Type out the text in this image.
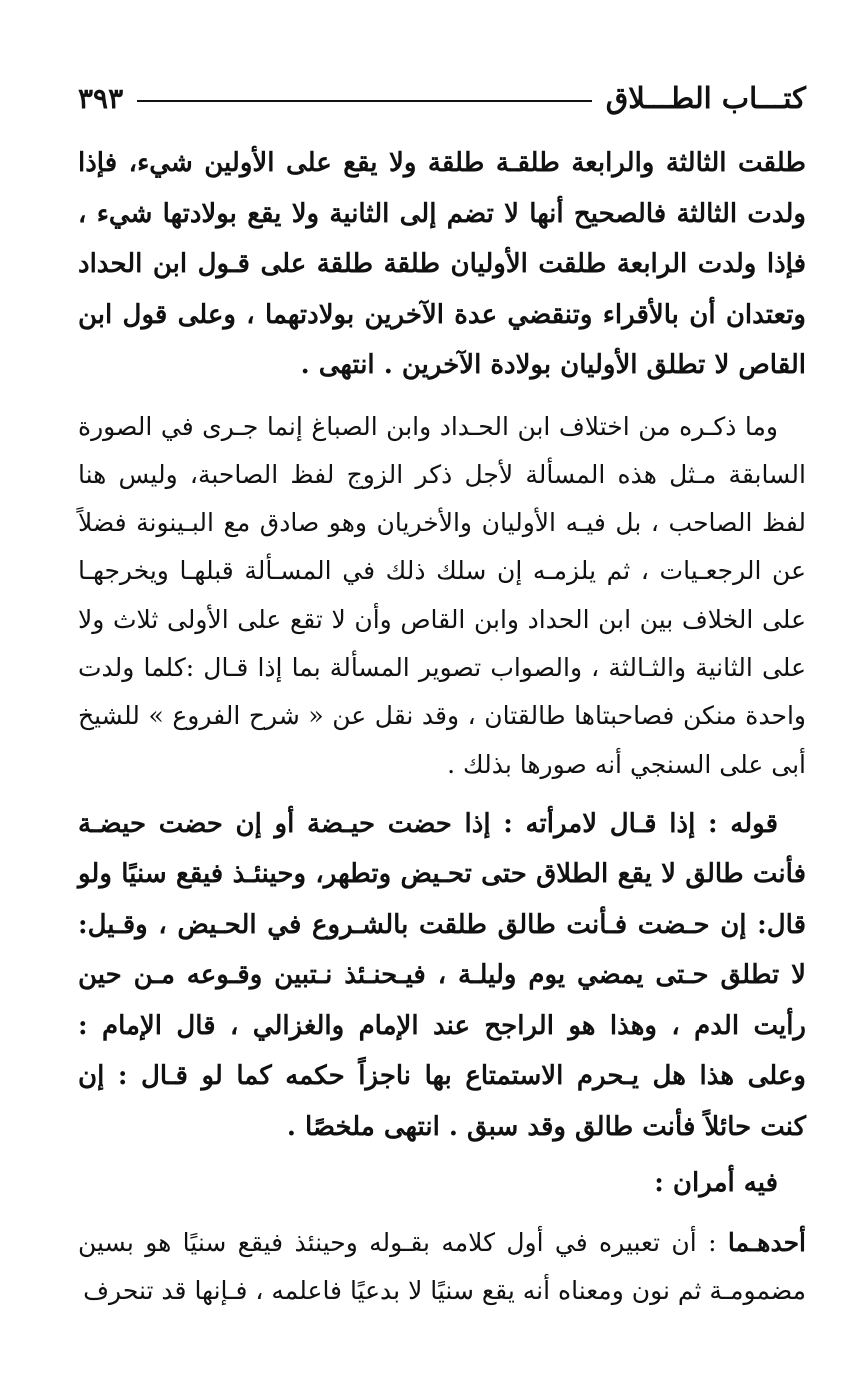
كتـــاب الطـــلاق
٣٩٣

طلقت الثالثة والرابعة طلقـة طلقة ولا يقع على الأولين شيء، فإذا ولدت الثالثة فالصحيح أنها لا تضم إلى الثانية ولا يقع بولادتها شيء ، فإذا ولدت الرابعة طلقت الأوليان طلقة طلقة على قـول ابن الحداد وتعتدان أن بالأقراء وتنقضي عدة الآخرين بولادتهما ، وعلى قول ابن القاص لا تطلق الأوليان بولادة الآخرين . انتهى .

وما ذكـره من اختلاف ابن الحـداد وابن الصباغ إنما جـرى في الصورة السابقة مـثل هذه المسألة لأجل ذكر الزوج لفظ الصاحبة، وليس هنا لفظ الصاحب ، بل فيـه الأوليان والأخريان وهو صادق مع البـينونة فضلاً عن الرجعـيات ، ثم يلزمـه إن سلك ذلك في المسـألة قبلهـا ويخرجهـا على الخلاف بين ابن الحداد وابن القاص وأن لا تقع على الأولى ثلاث ولا على الثانية والثـالثة ، والصواب تصوير المسألة بما إذا قـال :كلما ولدت واحدة منكن فصاحبتاها طالقتان ، وقد نقل عن « شرح الفروع » للشيخ أبى على السنجي أنه صورها بذلك .

قوله : إذا قـال لامرأته : إذا حضت حيـضة أو إن حضت حيضـة فأنت طالق لا يقع الطلاق حتى تحـيض وتطهر، وحينئـذ فيقع سنيًا ولو قال: إن حـضت فـأنت طالق طلقت بالشـروع في الحـيض ، وقـيل: لا تطلق حـتى يمضي يوم وليلـة ، فيـحنـئذ نـتبين وقـوعه مـن حين رأيت الدم ، وهذا هو الراجح عند الإمام والغزالي ، قال الإمام : وعلى هذا هل يـحرم الاستمتاع بها ناجزاً حكمه كما لو قـال : إن كنت حائلاً فأنت طالق وقد سبق . انتهى ملخصًا .

فيه أمران :

أحدهـما : أن تعبيره في أول كلامه بقـوله وحينئذ فيقع سنيًا هو بسين مضمومـة ثم نون ومعناه أنه يقع سنيًا لا بدعيًا فاعلمه ، فـإنها قد تنحرف
